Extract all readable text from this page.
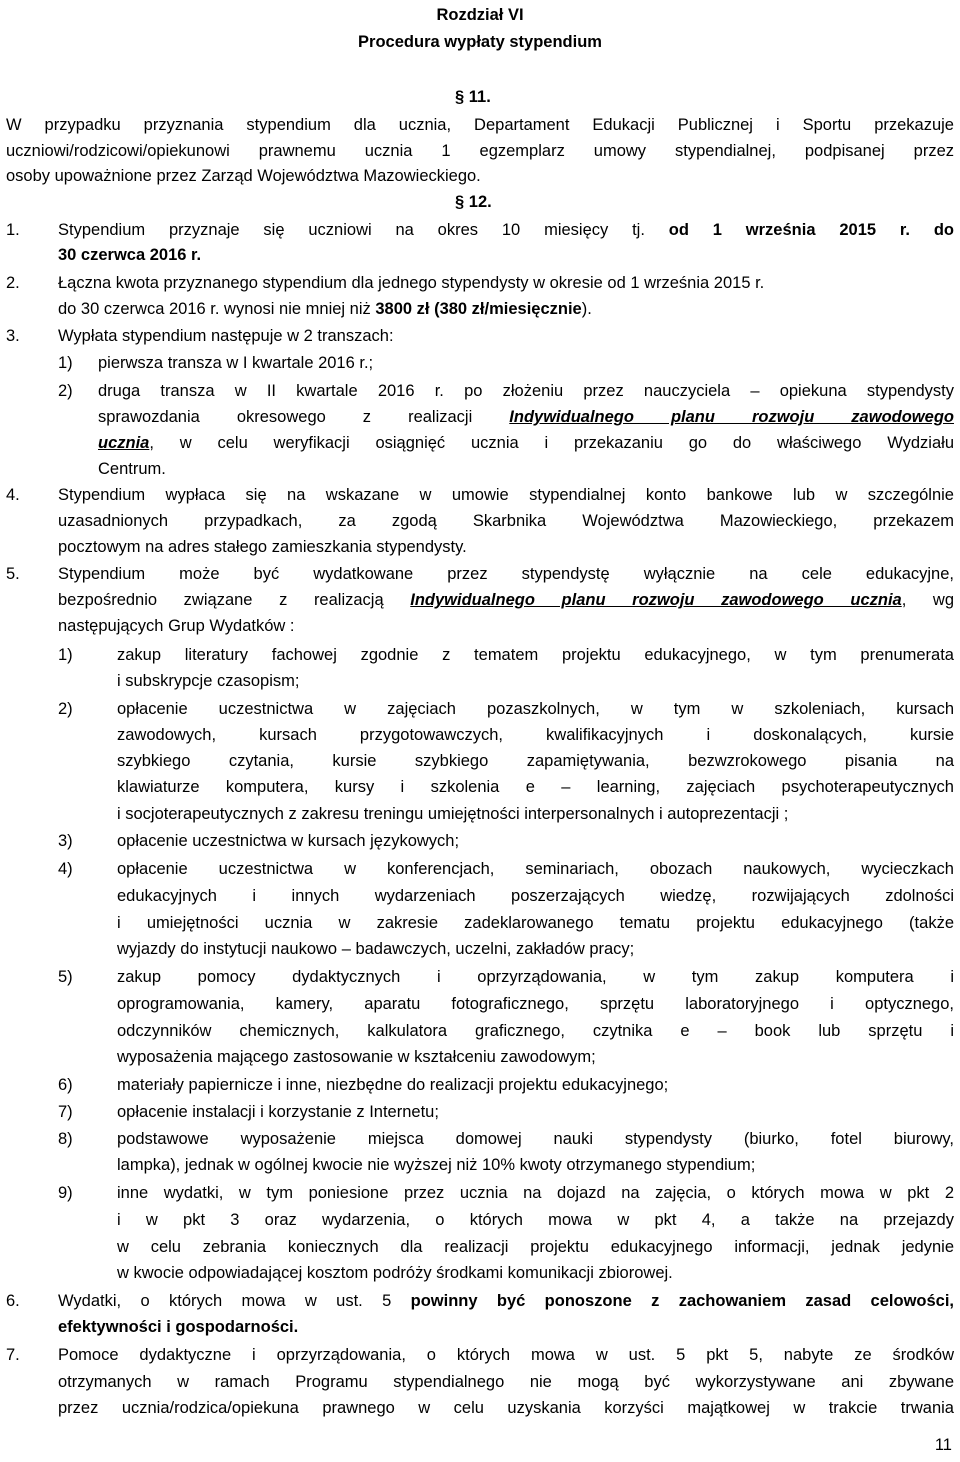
Rozdział VI
Procedura wypłaty stypendium
§ 11.
W przypadku przyznania stypendium dla ucznia, Departament Edukacji Publicznej i Sportu przekazuje
uczniowi/rodzicowi/opiekunowi prawnemu ucznia 1 egzemplarz umowy stypendialnej, podpisanej przez
osoby upoważnione przez Zarząd Województwa Mazowieckiego.
§ 12.
1. Stypendium przyznaje się uczniowi na okres 10 miesięcy tj. od 1 września 2015 r. do
30 czerwca 2016 r.
2. Łączna kwota przyznanego stypendium dla jednego stypendysty w okresie od 1 września 2015 r.
do 30 czerwca 2016 r. wynosi nie mniej niż 3800 zł (380 zł/miesięcznie).
3. Wypłata stypendium następuje w 2 transzach:
1) pierwsza transza w I kwartale 2016 r.;
2) druga transza w II kwartale 2016 r. po złożeniu przez nauczyciela – opiekuna stypendysty
sprawozdania okresowego z realizacji Indywidualnego planu rozwoju zawodowego
ucznia, w celu weryfikacji osiągnięć ucznia i przekazaniu go do właściwego Wydziału
Centrum.
4. Stypendium wypłaca się na wskazane w umowie stypendialnej konto bankowe lub w szczególnie
uzasadnionych przypadkach, za zgodą Skarbnika Województwa Mazowieckiego, przekazem
pocztowym na adres stałego zamieszkania stypendysty.
5. Stypendium może być wydatkowane przez stypendystę wyłącznie na cele edukacyjne,
bezpośrednio związane z realizacją Indywidualnego planu rozwoju zawodowego ucznia, wg
następujących Grup Wydatków :
1)	zakup literatury fachowej zgodnie z tematem projektu edukacyjnego, w tym prenumerata
i subskrypcje czasopism;
2)	opłacenie uczestnictwa w zajęciach pozaszkolnych, w tym w szkoleniach, kursach
zawodowych, kursach przygotowawczych, kwalifikacyjnych i doskonalących, kursie
szybkiego czytania, kursie szybkiego zapamiętywania, bezwzrokowego pisania na
klawiaturze komputera, kursy i szkolenia e – learning, zajęciach psychoterapeutycznych
i socjoterapeutycznych z zakresu treningu umiejętności interpersonalnych i autoprezentacji ;
3)	opłacenie uczestnictwa w kursach językowych;
4)	opłacenie uczestnictwa w konferencjach, seminariach, obozach naukowych, wycieczkach
edukacyjnych i innych wydarzeniach poszerzających wiedzę, rozwijających zdolności
i umiejętności ucznia w zakresie zadeklarowanego tematu projektu edukacyjnego (także
wyjazdy do instytucji naukowo – badawczych, uczelni, zakładów pracy;
5)	zakup pomocy dydaktycznych i oprzyrządowania, w tym zakup komputera i
oprogramowania, kamery, aparatu fotograficznego, sprzętu laboratoryjnego i optycznego,
odczynników chemicznych, kalkulatora graficznego, czytnika e – book lub sprzętu i
wyposażenia mającego zastosowanie w kształceniu zawodowym;
6)	materiały papiernicze i inne, niezbędne do realizacji projektu edukacyjnego;
7)	opłacenie instalacji i korzystanie z Internetu;
8)	podstawowe wyposażenie miejsca domowej nauki stypendysty (biurko, fotel biurowy,
lampka), jednak w ogólnej kwocie nie wyższej niż 10% kwoty otrzymanego stypendium;
9)	inne wydatki, w tym poniesione przez ucznia na dojazd na zajęcia, o których mowa w pkt 2
i w pkt 3 oraz wydarzenia, o których mowa w pkt 4, a także na przejazdy
w celu zebrania koniecznych dla realizacji projektu edukacyjnego informacji, jednak jedynie
w kwocie odpowiadającej kosztom podróży środkami komunikacji zbiorowej.
6. Wydatki, o których mowa w ust. 5 powinny być ponoszone z zachowaniem zasad celowości,
efektywności i gospodarności.
7. Pomoce dydaktyczne i oprzyrządowania, o których mowa w ust. 5 pkt 5, nabyte ze środków
otrzymanych w ramach Programu stypendialnego nie mogą być wykorzystywane ani zbywane
przez ucznia/rodzica/opiekuna prawnego w celu uzyskania korzyści majątkowej w trakcie trwania
11
